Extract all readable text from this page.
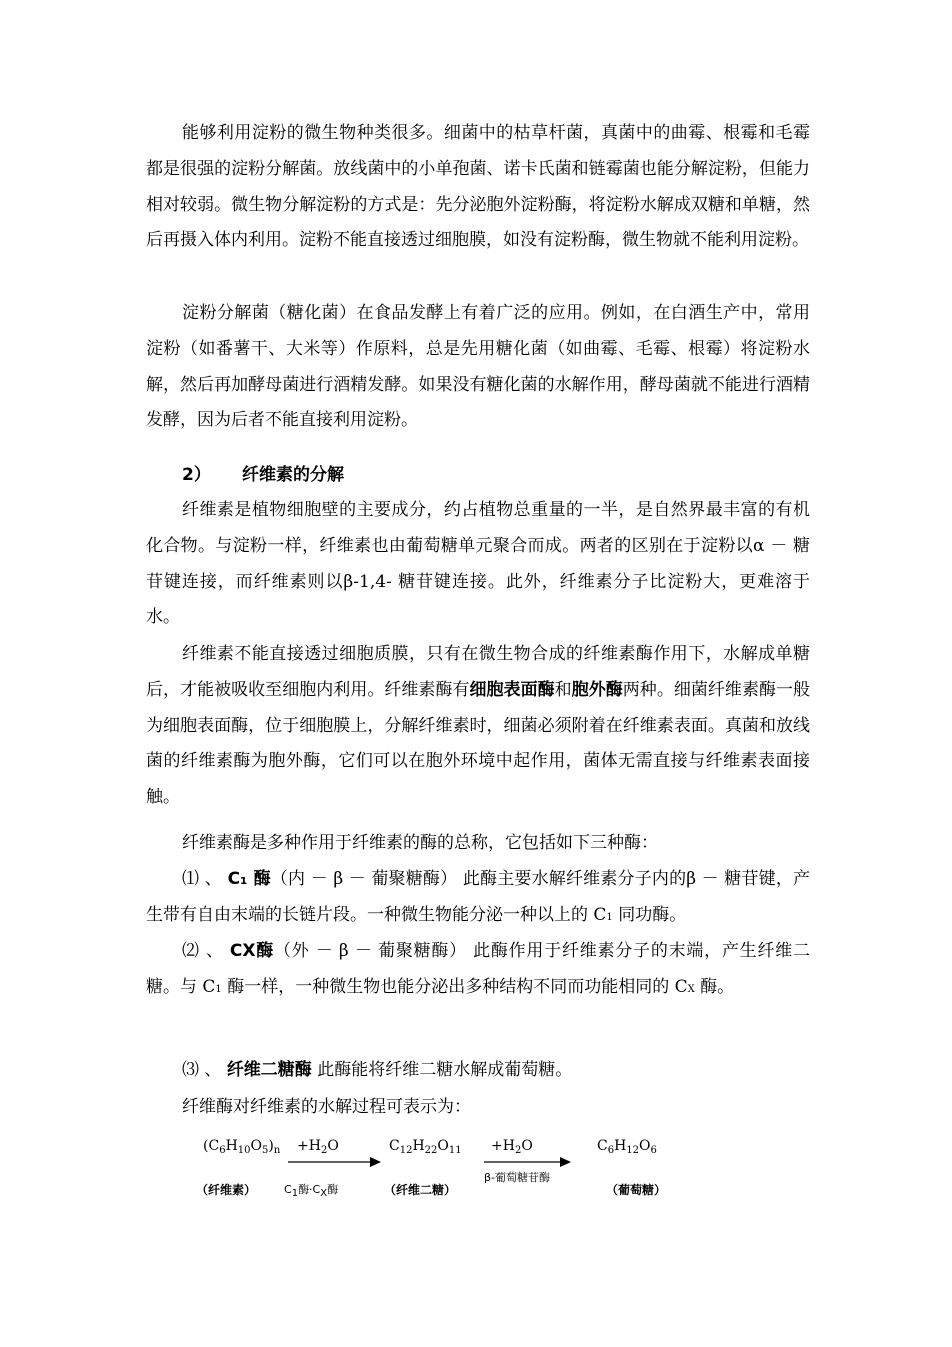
能够利用淀粉的微生物种类很多。细菌中的枯草杆菌，真菌中的曲霉、根霉和毛霉都是很强的淀粉分解菌。放线菌中的小单孢菌、诺卡氏菌和链霉菌也能分解淀粉，但能力相对较弱。微生物分解淀粉的方式是：先分泌胞外淀粉酶，将淀粉水解成双糖和单糖，然后再摄入体内利用。淀粉不能直接透过细胞膜，如没有淀粉酶，微生物就不能利用淀粉。

淀粉分解菌（糖化菌）在食品发酵上有着广泛的应用。例如，在白酒生产中，常用淀粉（如番薯干、大米等）作原料，总是先用糖化菌（如曲霉、毛霉、根霉）将淀粉水解，然后再加酵母菌进行酒精发酵。如果没有糖化菌的水解作用，酵母菌就不能进行酒精发酵，因为后者不能直接利用淀粉。

2） 纤维素的分解

纤维素是植物细胞壁的主要成分，约占植物总重量的一半，是自然界最丰富的有机化合物。与淀粉一样，纤维素也由葡萄糖单元聚合而成。两者的区别在于淀粉以α － 糖苷键连接，而纤维素则以β-1,4- 糖苷键连接。此外，纤维素分子比淀粉大，更难溶于水。

纤维素不能直接透过细胞质膜，只有在微生物合成的纤维素酶作用下，水解成单糖后，才能被吸收至细胞内利用。纤维素酶有细胞表面酶和胞外酶两种。细菌纤维素酶一般为细胞表面酶，位于细胞膜上，分解纤维素时，细菌必须附着在纤维素表面。真菌和放线菌的纤维素酶为胞外酶，它们可以在胞外环境中起作用，菌体无需直接与纤维素表面接触。

纤维素酶是多种作用于纤维素的酶的总称，它包括如下三种酶：

⑴ 、 C₁ 酶（内 － β － 葡聚糖酶） 此酶主要水解纤维素分子内的β － 糖苷键，产生带有自由末端的长链片段。一种微生物能分泌一种以上的 C1 同功酶。

⑵ 、 CX酶（外 － β － 葡聚糖酶） 此酶作用于纤维素分子的末端，产生纤维二糖。与 C1 酶一样，一种微生物也能分泌出多种结构不同而功能相同的 CX 酶。

⑶ 、 纤维二糖酶 此酶能将纤维二糖水解成葡萄糖。

纤维酶对纤维素的水解过程可表示为：

$(C_6H_{10}O_5)_n +H_2O$	$C_{12}H_{22}O_{11} +H_2O$	$C_6H_{12}O_6$
（纤维素）	$C_1$酶$\cdot C_X$酶	（纤维二糖）
β-葡萄糖苷酶
（葡萄糖）
